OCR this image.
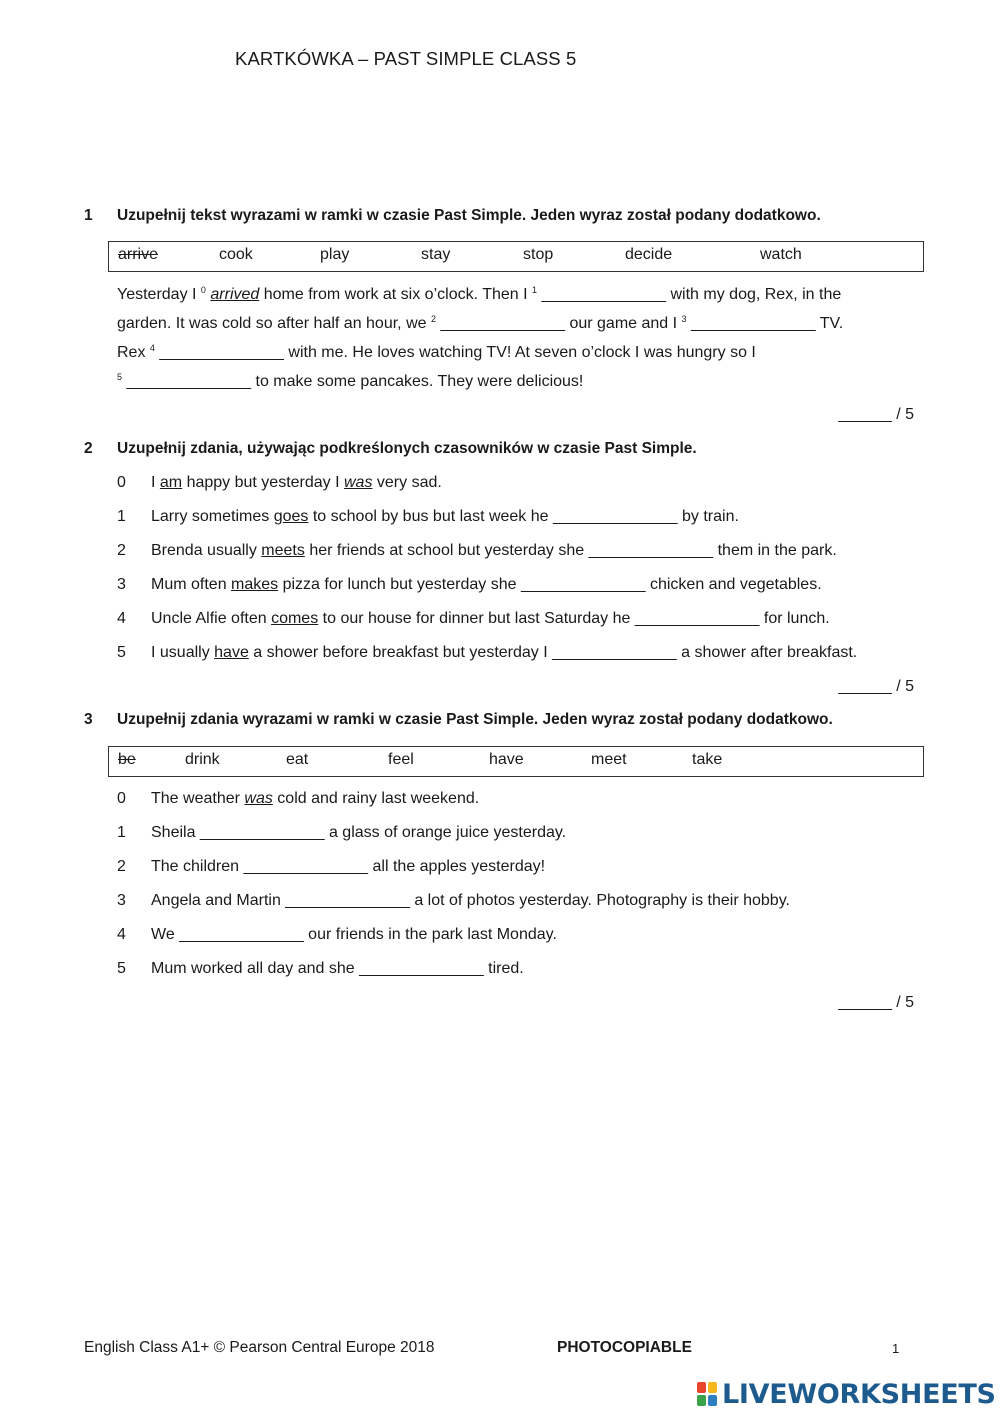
KARTKÓWKA – PAST SIMPLE CLASS 5
1 Uzupełnij tekst wyrazami w ramki w czasie Past Simple. Jeden wyraz został podany dodatkowo.
arrive	cook	play	stay	stop	decide	watch
Yesterday I $^0$ arrived home from work at six o’clock. Then I $^1$ ______________ with my dog, Rex, in the
garden. It was cold so after half an hour, we $^2$ ______________ our game and I $^3$ ______________ TV.
Rex $^4$ ______________ with me. He loves watching TV! At seven o’clock I was hungry so I
$^5$ ______________ to make some pancakes. They were delicious!
______ / 5
2 Uzupełnij zdania, używając podkreślonych czasowników w czasie Past Simple.
0 I am happy but yesterday I was very sad.
1 Larry sometimes goes to school by bus but last week he ______________ by train.
2 Brenda usually meets her friends at school but yesterday she ______________ them in the park.
3 Mum often makes pizza for lunch but yesterday she ______________ chicken and vegetables.
4 Uncle Alfie often comes to our house for dinner but last Saturday he ______________ for lunch.
5 I usually have a shower before breakfast but yesterday I ______________ a shower after breakfast.
______ / 5
3 Uzupełnij zdania wyrazami w ramki w czasie Past Simple. Jeden wyraz został podany dodatkowo.
be	drink	eat	feel	have	meet	take
0 The weather was cold and rainy last weekend.
1 Sheila ______________ a glass of orange juice yesterday.
2 The children ______________ all the apples yesterday!
3 Angela and Martin ______________ a lot of photos yesterday. Photography is their hobby.
4 We ______________ our friends in the park last Monday.
5 Mum worked all day and she ______________ tired.
______ / 5
English Class A1+ © Pearson Central Europe 2018	PHOTOCOPIABLE	1
LIVEWORKSHEETS
